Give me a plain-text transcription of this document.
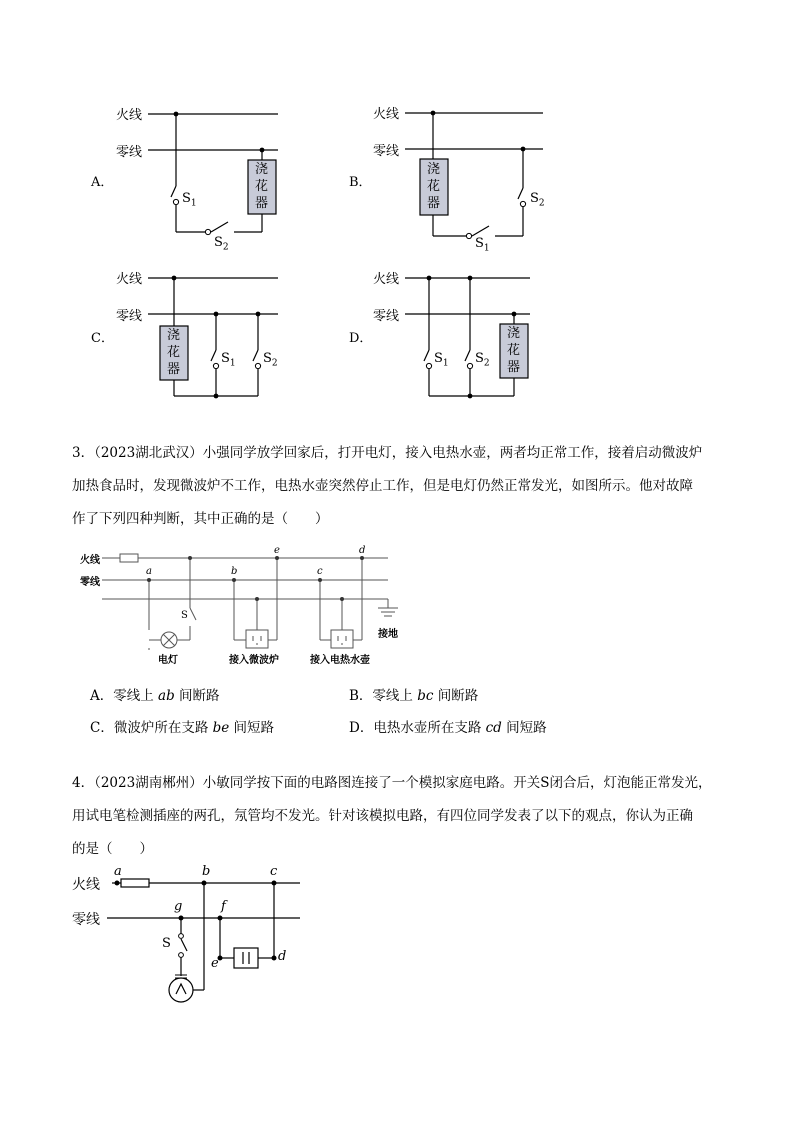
浇花器
浇花器
浇花器
浇花器
火线
零线
火线
零线
火线
零线
火线
零线
A．	B．
C．	D．
$S_1$
$S_2$
$S_2$
$S_1$
$S_1$ $S_2$	$S_1$ $S_2$
3．（2023湖北武汉）小强同学放学回家后，打开电灯，接入电热水壶，两者均正常工作，接着启动微波炉
加热食品时，发现微波炉不工作，电热水壶突然停止工作，但是电灯仍然正常发光，如图所示。他对故障
作了下列四种判断，其中正确的是（　　）
火线
零线
a	b	c
e	d
S
接地
电灯	接入微波炉	接入电热水壶
A．零线上 ab 间断路	B．零线上 bc 间断路
C．微波炉所在支路 be 间短路	D．电热水壶所在支路 cd 间短路
4．（2023湖南郴州）小敏同学按下面的电路图连接了一个模拟家庭电路。开关S闭合后，灯泡能正常发光，
用试电笔检测插座的两孔，氖管均不发光。针对该模拟电路，有四位同学发表了以下的观点，你认为正确
的是（　　）
火线
零线
a	b	c
g	f
e	d
S
